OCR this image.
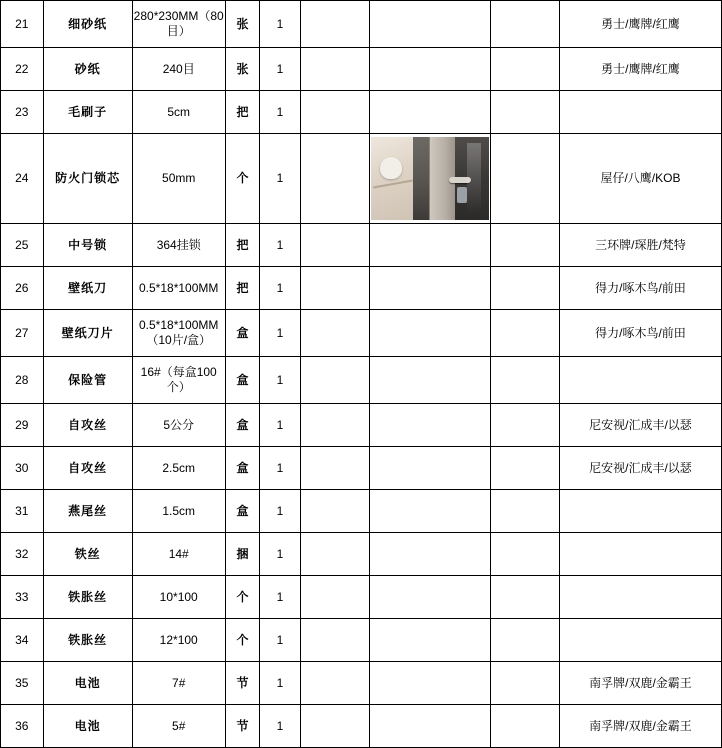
21	细砂纸	280*230MM（80目）	张	1				勇士/鹰牌/红鹰
22	砂纸	240目	张	1				勇士/鹰牌/红鹰
23	毛刷子	5cm	把	1				
24	防火门锁芯	50mm	个	1				屋仔/八鹰/KOB
25	中号锁	364挂锁	把	1				三环牌/琛胜/梵特
26	壁纸刀	0.5*18*100MM	把	1				得力/啄木鸟/前田
27	壁纸刀片	0.5*18*100MM（10片/盒）	盒	1				得力/啄木鸟/前田
28	保险管	16#（每盒100个）	盒	1				
29	自攻丝	5公分	盒	1				尼安视/汇成丰/以瑟
30	自攻丝	2.5cm	盒	1				尼安视/汇成丰/以瑟
31	燕尾丝	1.5cm	盒	1				
32	铁丝	14#	捆	1				
33	铁胀丝	10*100	个	1				
34	铁胀丝	12*100	个	1				
35	电池	7#	节	1				南孚牌/双鹿/金霸王
36	电池	5#	节	1				南孚牌/双鹿/金霸王
